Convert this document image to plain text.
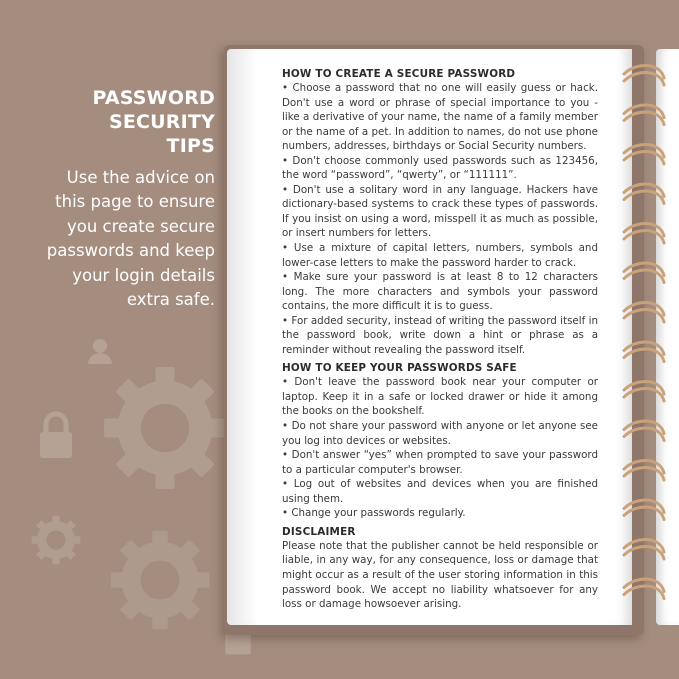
PASSWORD
SECURITY
TIPS
Use the advice on
this page to ensure
you create secure
passwords and keep
your login details
extra safe.
HOW TO CREATE A SECURE PASSWORD

• Choose a password that no one will easily guess or hack. Don't use a word or phrase of special importance to you - like a derivative of your name, the name of a family member or the name of a pet. In addition to names, do not use phone numbers, addresses, birthdays or Social Security numbers.

• Don't choose commonly used passwords such as 123456, the word “password”, “qwerty”, or “111111”.

• Don't use a solitary word in any language. Hackers have dictionary-based systems to crack these types of passwords. If you insist on using a word, misspell it as much as possible, or insert numbers for letters.

• Use a mixture of capital letters, numbers, symbols and lower-case letters to make the password harder to crack.

• Make sure your password is at least 8 to 12 characters long. The more characters and symbols your password contains, the more difficult it is to guess.

• For added security, instead of writing the password itself in the password book, write down a hint or phrase as a reminder without revealing the password itself.

HOW TO KEEP YOUR PASSWORDS SAFE

• Don't leave the password book near your computer or laptop. Keep it in a safe or locked drawer or hide it among the books on the bookshelf.

• Do not share your password with anyone or let anyone see you log into devices or websites.

• Don't answer “yes” when prompted to save your password to a particular computer's browser.

• Log out of websites and devices when you are finished using them.

• Change your passwords regularly.

DISCLAIMER

Please note that the publisher cannot be held responsible or liable, in any way, for any consequence, loss or damage that might occur as a result of the user storing information in this password book. We accept no liability whatsoever for any loss or damage howsoever arising.
